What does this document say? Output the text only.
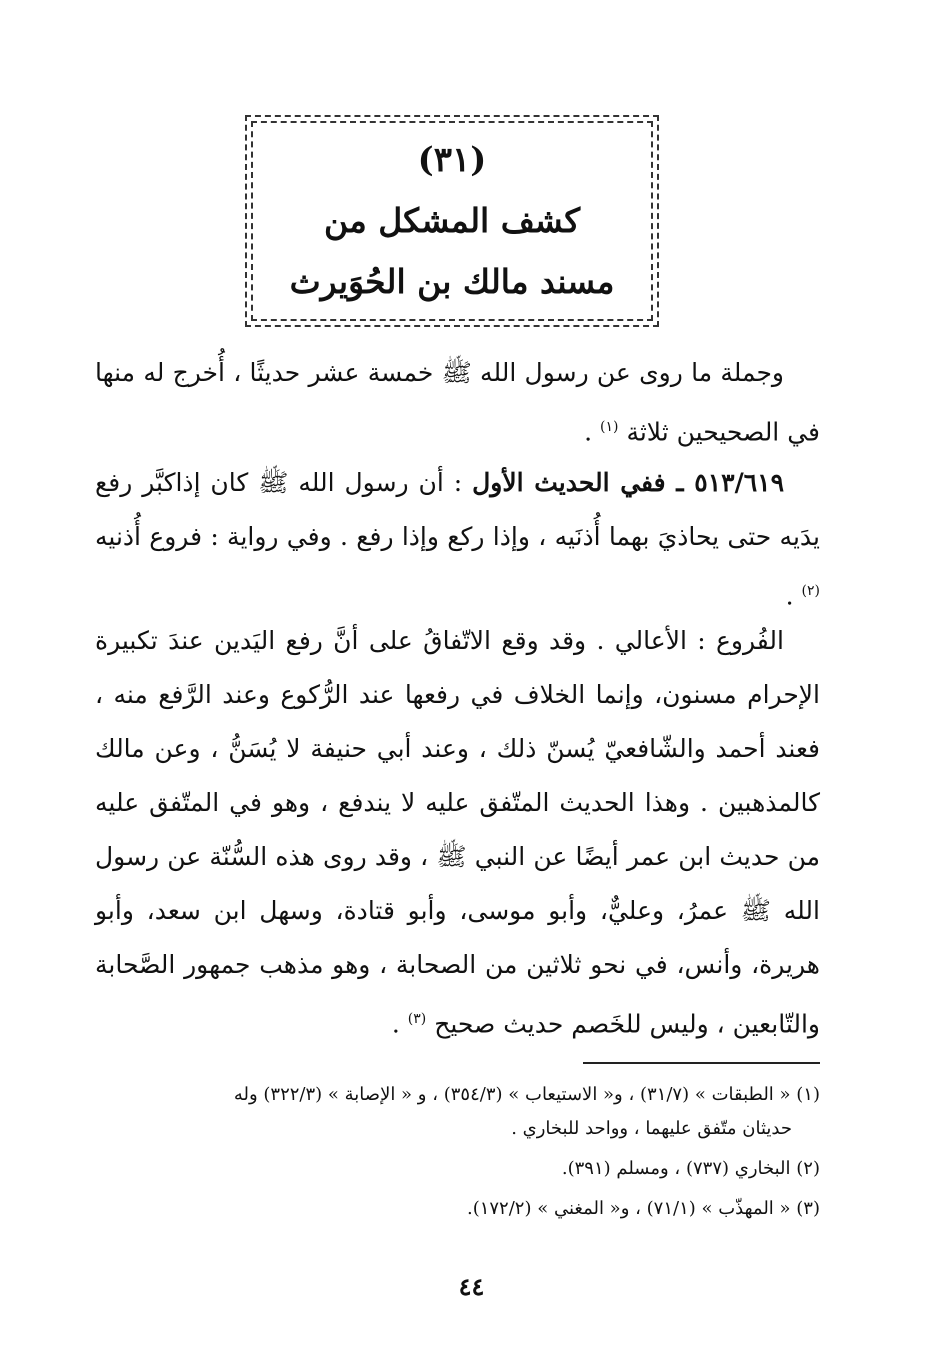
(٣١)
كشف المشكل من
مسند مالك بن الحُوَيرث

وجملة ما روى عن رسول الله ﷺ خمسة عشر حديثًا ، أُخرج له منها في الصحيحين ثلاثة $^{(١)}$ .

٥١٣/٦١٩ ـ ففي الحديث الأول : أن رسول الله ﷺ كان إذاكبَّر رفع يدَيه حتى يحاذيَ بهما أُذنَيه ، وإذا ركع وإذا رفع . وفي رواية : فروع أُذنيه $^{(٢)}$ .

الفُروع : الأعالي . وقد وقع الاتّفاقُ على أنَّ رفع اليَدين عندَ تكبيرة الإحرام مسنون، وإنما الخلاف في رفعها عند الرُّكوع وعند الرَّفع منه ، فعند أحمد والشّافعيّ يُسنّ ذلك ، وعند أبي حنيفة لا يُسَنُّ ، وعن مالك كالمذهبين . وهذا الحديث المتّفق عليه لا يندفع ، وهو في المتّفق عليه من حديث ابن عمر أيضًا عن النبي ﷺ ، وقد روى هذه السُّنّة عن رسول الله ﷺ عمرُ، وعليٌّ، وأبو موسى، وأبو قتادة، وسهل ابن سعد، وأبو هريرة، وأنس، في نحو ثلاثين من الصحابة ، وهو مذهب جمهور الصَّحابة والتّابعين ، وليس للخَصم حديث صحيح $^{(٣)}$ .

(١) « الطبقات » (٣١/٧) ، و« الاستيعاب » (٣٥٤/٣) ، و « الإصابة » (٣٢٢/٣) وله
حديثان متّفق عليهما ، وواحد للبخاري .

(٢) البخاري (٧٣٧) ، ومسلم (٣٩١).

(٣) « المهذّب » (٧١/١) ، و« المغني » (١٧٢/٢).

٤٤
